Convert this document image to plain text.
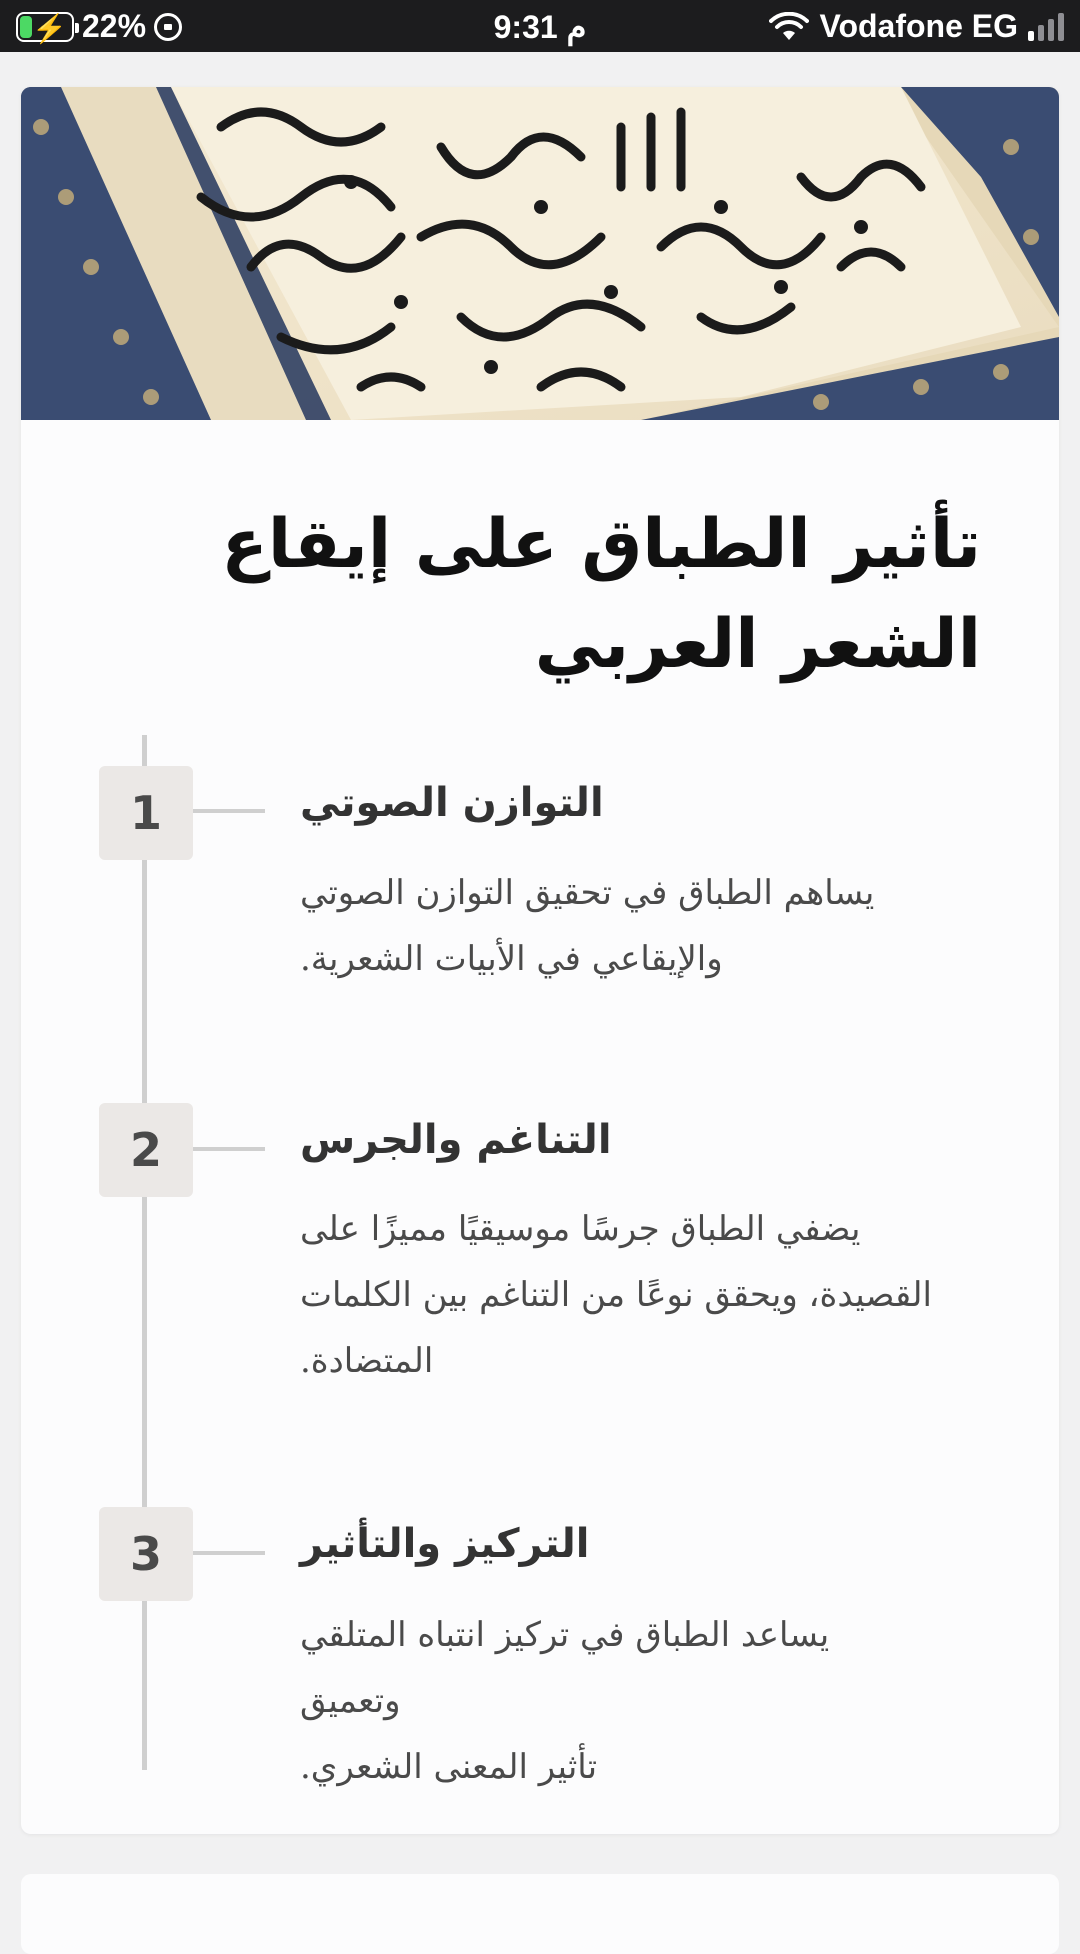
⚡ 22%	9:31 م	Vodafone EG
تأثير الطباق على إيقاع
الشعر العربي
1	التوازن الصوتي

يساهم الطباق في تحقيق التوازن الصوتي
والإيقاعي في الأبيات الشعرية.

2	التناغم والجرس

يضفي الطباق جرسًا موسيقيًا مميزًا على
القصيدة، ويحقق نوعًا من التناغم بين الكلمات
المتضادة.

3	التركيز والتأثير

يساعد الطباق في تركيز انتباه المتلقي وتعميق
تأثير المعنى الشعري.
